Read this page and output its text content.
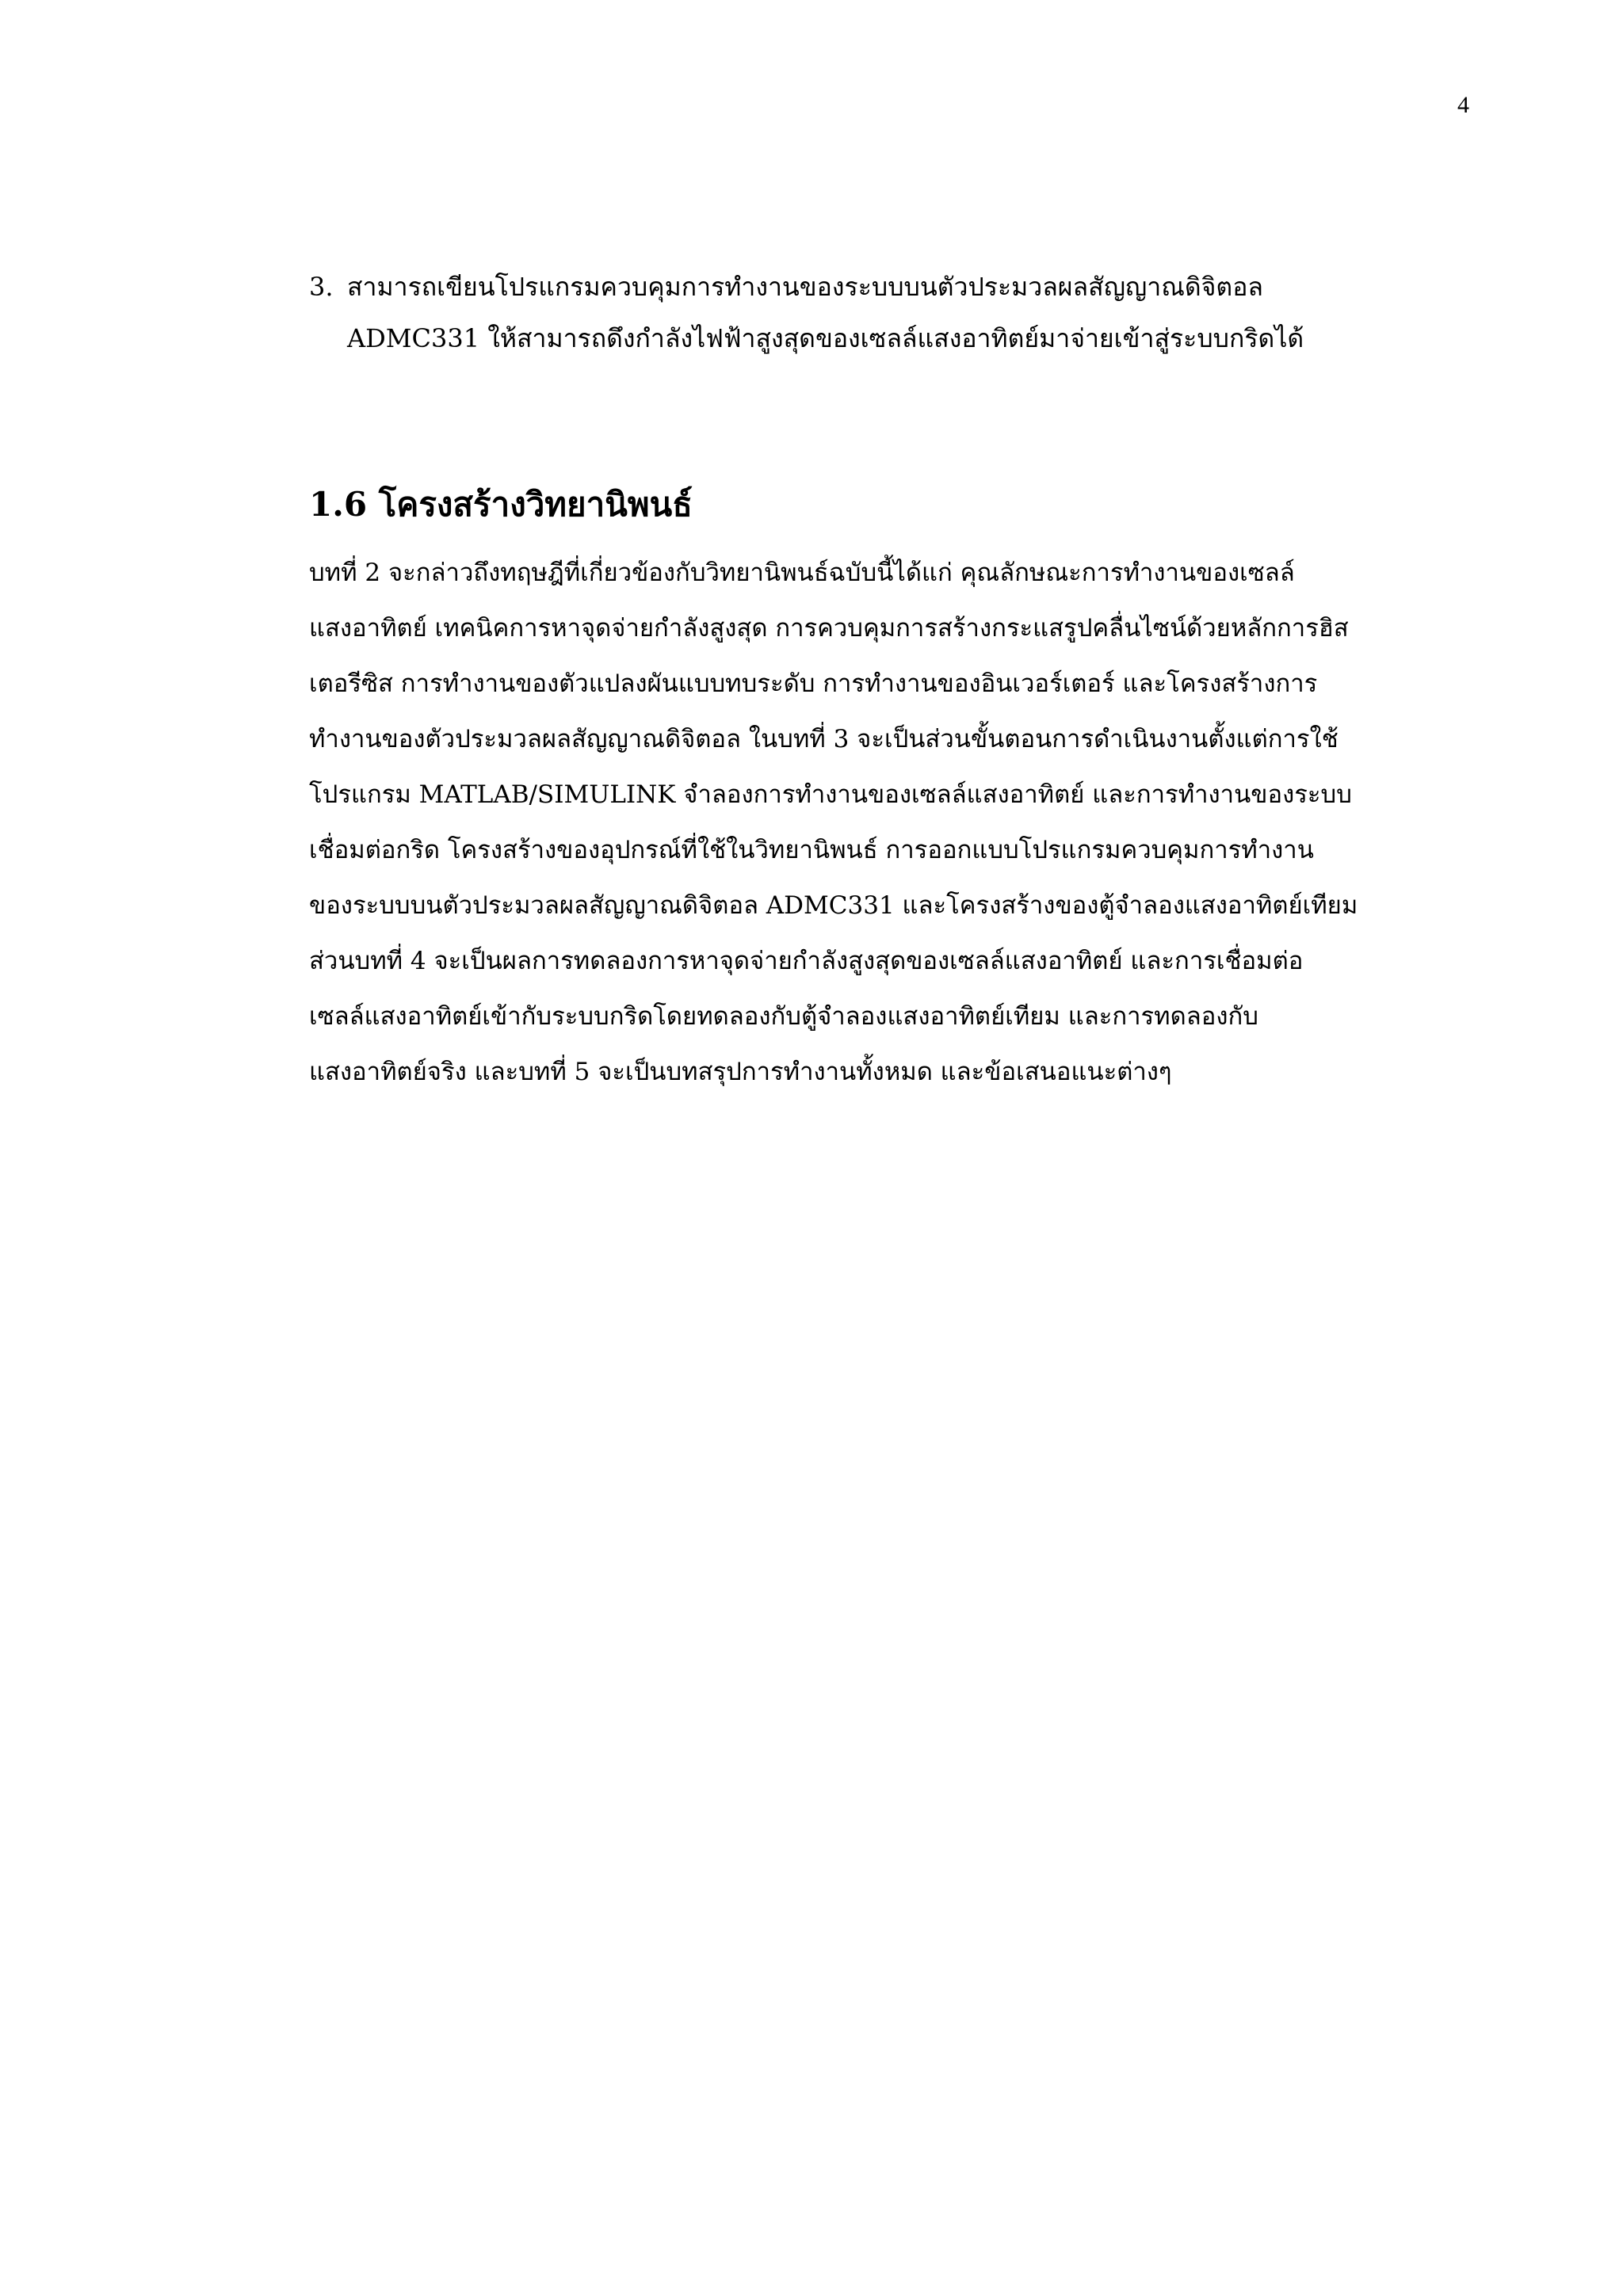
4
3. สามารถเขียนโปรแกรมควบคุมการทำงานของระบบบนตัวประมวลผลสัญญาณดิจิตอล
ADMC331 ให้สามารถดึงกำลังไฟฟ้าสูงสุดของเซลล์แสงอาทิตย์มาจ่ายเข้าสู่ระบบกริดได้
1.6 โครงสร้างวิทยานิพนธ์
บทที่ 2 จะกล่าวถึงทฤษฎีที่เกี่ยวข้องกับวิทยานิพนธ์ฉบับนี้ได้แก่ คุณลักษณะการทำงานของเซลล์
แสงอาทิตย์ เทคนิคการหาจุดจ่ายกำลังสูงสุด การควบคุมการสร้างกระแสรูปคลื่นไซน์ด้วยหลักการฮิส
เตอรีซิส การทำงานของตัวแปลงผันแบบทบระดับ การทำงานของอินเวอร์เตอร์ และโครงสร้างการ
ทำงานของตัวประมวลผลสัญญาณดิจิตอล ในบทที่ 3 จะเป็นส่วนขั้นตอนการดำเนินงานตั้งแต่การใช้
โปรแกรม MATLAB/SIMULINK จำลองการทำงานของเซลล์แสงอาทิตย์ และการทำงานของระบบ
เชื่อมต่อกริด โครงสร้างของอุปกรณ์ที่ใช้ในวิทยานิพนธ์ การออกแบบโปรแกรมควบคุมการทำงาน
ของระบบบนตัวประมวลผลสัญญาณดิจิตอล ADMC331 และโครงสร้างของตู้จำลองแสงอาทิตย์เทียม
ส่วนบทที่ 4 จะเป็นผลการทดลองการหาจุดจ่ายกำลังสูงสุดของเซลล์แสงอาทิตย์ และการเชื่อมต่อ
เซลล์แสงอาทิตย์เข้ากับระบบกริดโดยทดลองกับตู้จำลองแสงอาทิตย์เทียม และการทดลองกับ
แสงอาทิตย์จริง และบทที่ 5 จะเป็นบทสรุปการทำงานทั้งหมด และข้อเสนอแนะต่างๆ
